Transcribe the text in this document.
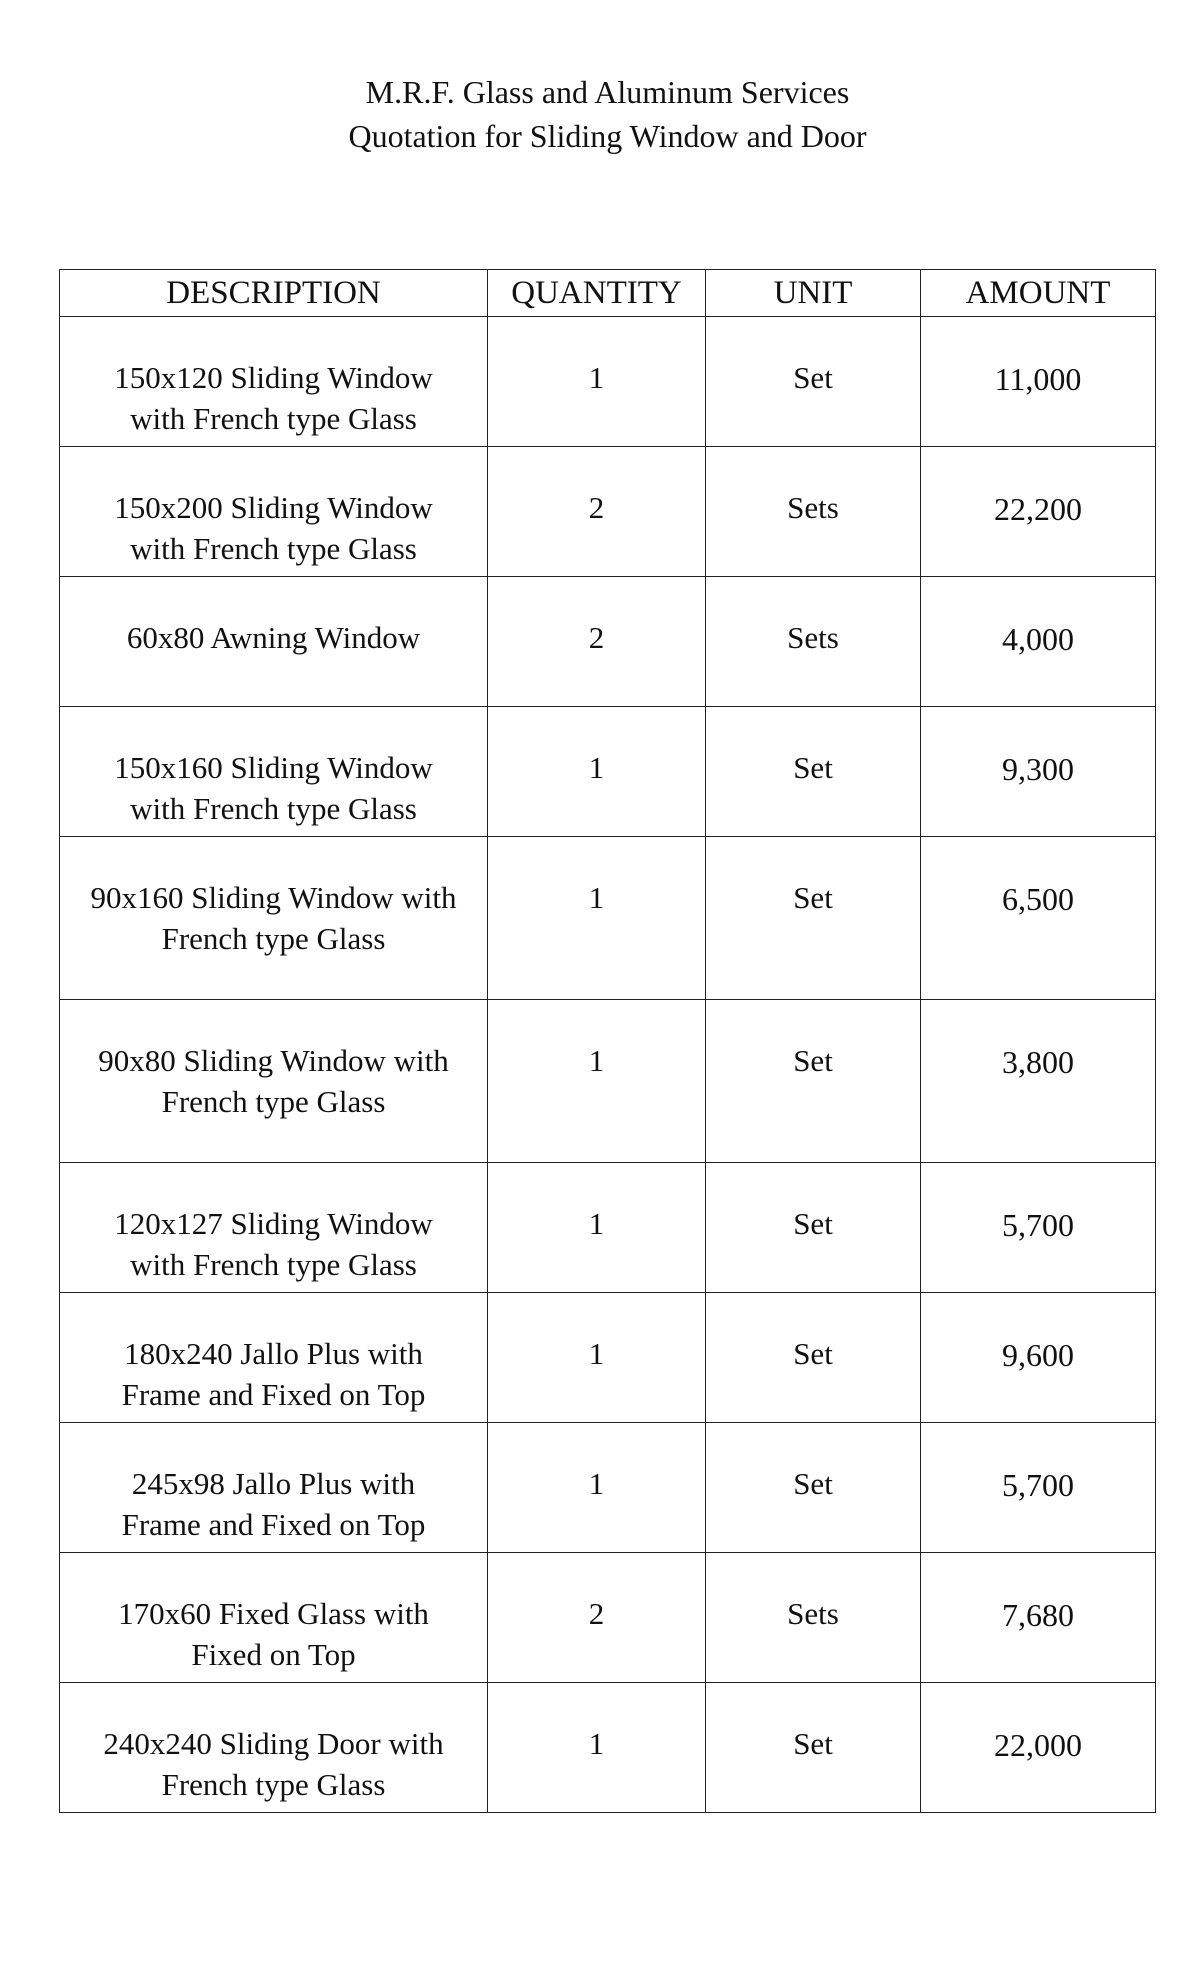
M.R.F. Glass and Aluminum Services
Quotation for Sliding Window and Door
DESCRIPTION	QUANTITY	UNIT	AMOUNT

150x120 Sliding Window
with French type Glass	1	Set	11,000

150x200 Sliding Window
with French type Glass	2	Sets	22,200

60x80 Awning Window	2	Sets	4,000

150x160 Sliding Window
with French type Glass	1	Set	9,300

90x160 Sliding Window with
French type Glass	1	Set	6,500

90x80 Sliding Window with
French type Glass	1	Set	3,800

120x127 Sliding Window
with French type Glass	1	Set	5,700

180x240 Jallo Plus with
Frame and Fixed on Top	1	Set	9,600

245x98 Jallo Plus with
Frame and Fixed on Top	1	Set	5,700

170x60 Fixed Glass with
Fixed on Top	2	Sets	7,680

240x240 Sliding Door with
French type Glass	1	Set	22,000
